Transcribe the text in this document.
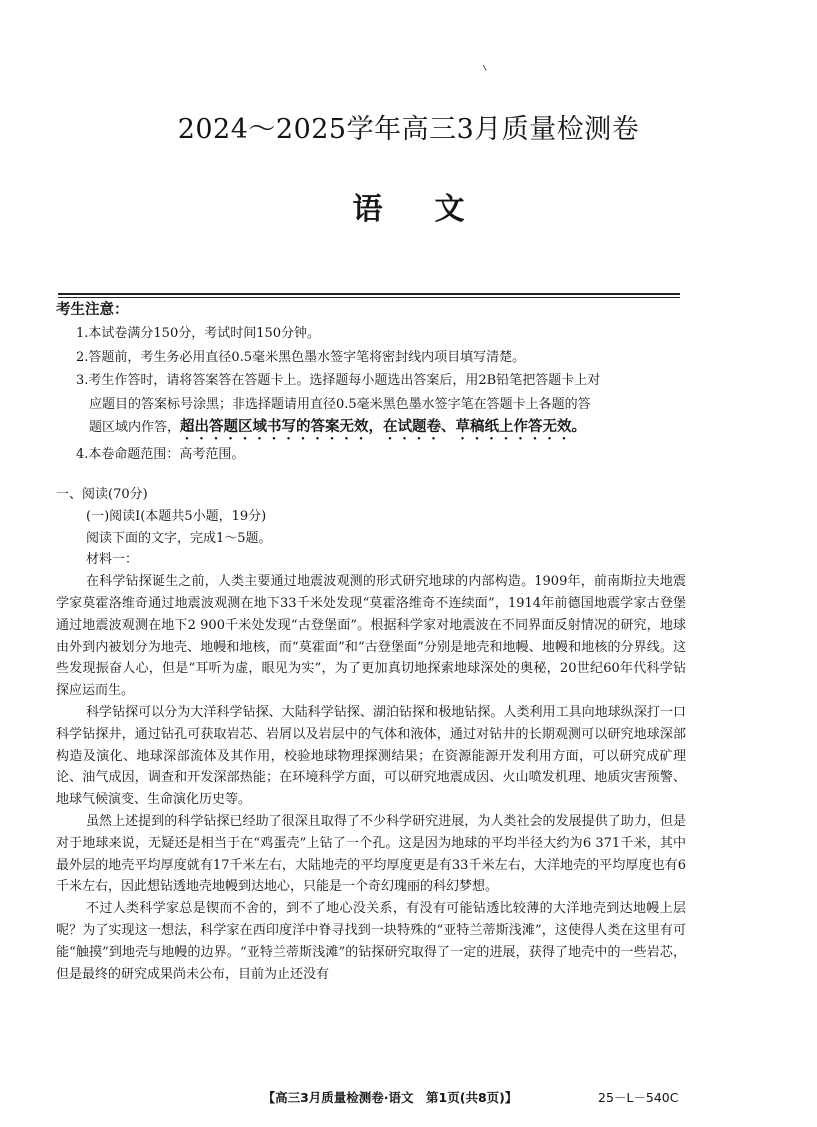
2024～2025学年高三3月质量检测卷
语 文
考生注意：

1.本试卷满分150分，考试时间150分钟。

2.答题前，考生务必用直径0.5毫米黑色墨水签字笔将密封线内项目填写清楚。

3.考生作答时，请将答案答在答题卡上。选择题每小题选出答案后，用2B铅笔把答题卡上对

应题目的答案标号涂黑；非选择题请用直径0.5毫米黑色墨水签字笔在答题卡上各题的答

题区域内作答，超出答题区域书写的答案无效，在试题卷、草稿纸上作答无效。

4.本卷命题范围：高考范围。

一、阅读(70分)

(一)阅读Ⅰ(本题共5小题，19分)

阅读下面的文字，完成1～5题。

材料一：

在科学钻探诞生之前，人类主要通过地震波观测的形式研究地球的内部构造。1909年，前南斯拉夫地震学家莫霍洛维奇通过地震波观测在地下33千米处发现“莫霍洛维奇不连续面”，1914年前德国地震学家古登堡通过地震波观测在地下2 900千米处发现“古登堡面”。根据科学家对地震波在不同界面反射情况的研究，地球由外到内被划分为地壳、地幔和地核，而“莫霍面”和“古登堡面”分别是地壳和地幔、地幔和地核的分界线。这些发现振奋人心，但是“耳听为虚，眼见为实”，为了更加真切地探索地球深处的奥秘，20世纪60年代科学钻探应运而生。

科学钻探可以分为大洋科学钻探、大陆科学钻探、湖泊钻探和极地钻探。人类利用工具向地球纵深打一口科学钻探井，通过钻孔可获取岩芯、岩屑以及岩层中的气体和液体，通过对钻井的长期观测可以研究地球深部构造及演化、地球深部流体及其作用，校验地球物理探测结果；在资源能源开发利用方面，可以研究成矿理论、油气成因，调查和开发深部热能；在环境科学方面，可以研究地震成因、火山喷发机理、地质灾害预警、地球气候演变、生命演化历史等。

虽然上述提到的科学钻探已经助了很深且取得了不少科学研究进展，为人类社会的发展提供了助力，但是对于地球来说，无疑还是相当于在“鸡蛋壳”上钻了一个孔。这是因为地球的平均半径大约为6 371千米，其中最外层的地壳平均厚度就有17千米左右，大陆地壳的平均厚度更是有33千米左右，大洋地壳的平均厚度也有6千米左右，因此想钻透地壳地幔到达地心，只能是一个奇幻瑰丽的科幻梦想。

不过人类科学家总是锲而不舍的，到不了地心没关系，有没有可能钻透比较薄的大洋地壳到达地幔上层呢？为了实现这一想法，科学家在西印度洋中脊寻找到一块特殊的“亚特兰蒂斯浅滩”，这使得人类在这里有可能“触摸”到地壳与地幔的边界。“亚特兰蒂斯浅滩”的钻探研究取得了一定的进展，获得了地壳中的一些岩芯，但是最终的研究成果尚未公布，目前为止还没有

【高三3月质量检测卷·语文　第1页(共8页)】	25－L－540C
